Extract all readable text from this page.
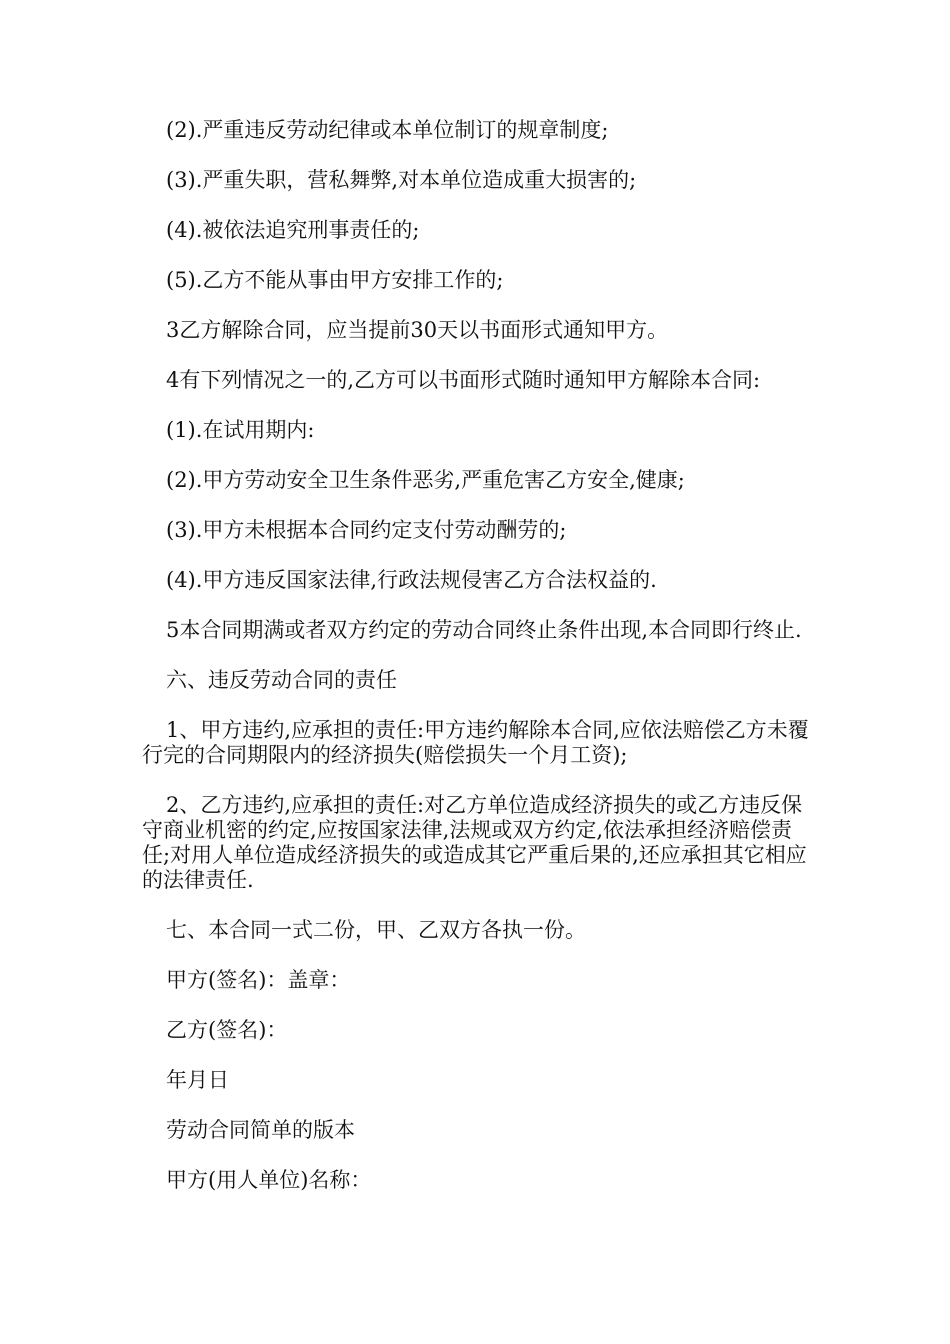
(2).严重违反劳动纪律或本单位制订的规章制度;

(3).严重失职，营私舞弊,对本单位造成重大损害的;

(4).被依法追究刑事责任的;

(5).乙方不能从事由甲方安排工作的;

3乙方解除合同，应当提前30天以书面形式通知甲方。

4有下列情况之一的,乙方可以书面形式随时通知甲方解除本合同:

(1).在试用期内:

(2).甲方劳动安全卫生条件恶劣,严重危害乙方安全,健康;

(3).甲方未根据本合同约定支付劳动酬劳的;

(4).甲方违反国家法律,行政法规侵害乙方合法权益的.

5本合同期满或者双方约定的劳动合同终止条件出现,本合同即行终止.

六、违反劳动合同的责任

1、甲方违约,应承担的责任:甲方违约解除本合同,应依法赔偿乙方未覆行完的合同期限内的经济损失(赔偿损失一个月工资);

2、乙方违约,应承担的责任:对乙方单位造成经济损失的或乙方违反保守商业机密的约定,应按国家法律,法规或双方约定,依法承担经济赔偿责任;对用人单位造成经济损失的或造成其它严重后果的,还应承担其它相应的法律责任.

七、本合同一式二份，甲、乙双方各执一份。

甲方(签名)：盖章：

乙方(签名)：

年月日

劳动合同简单的版本

甲方(用人单位)名称：
